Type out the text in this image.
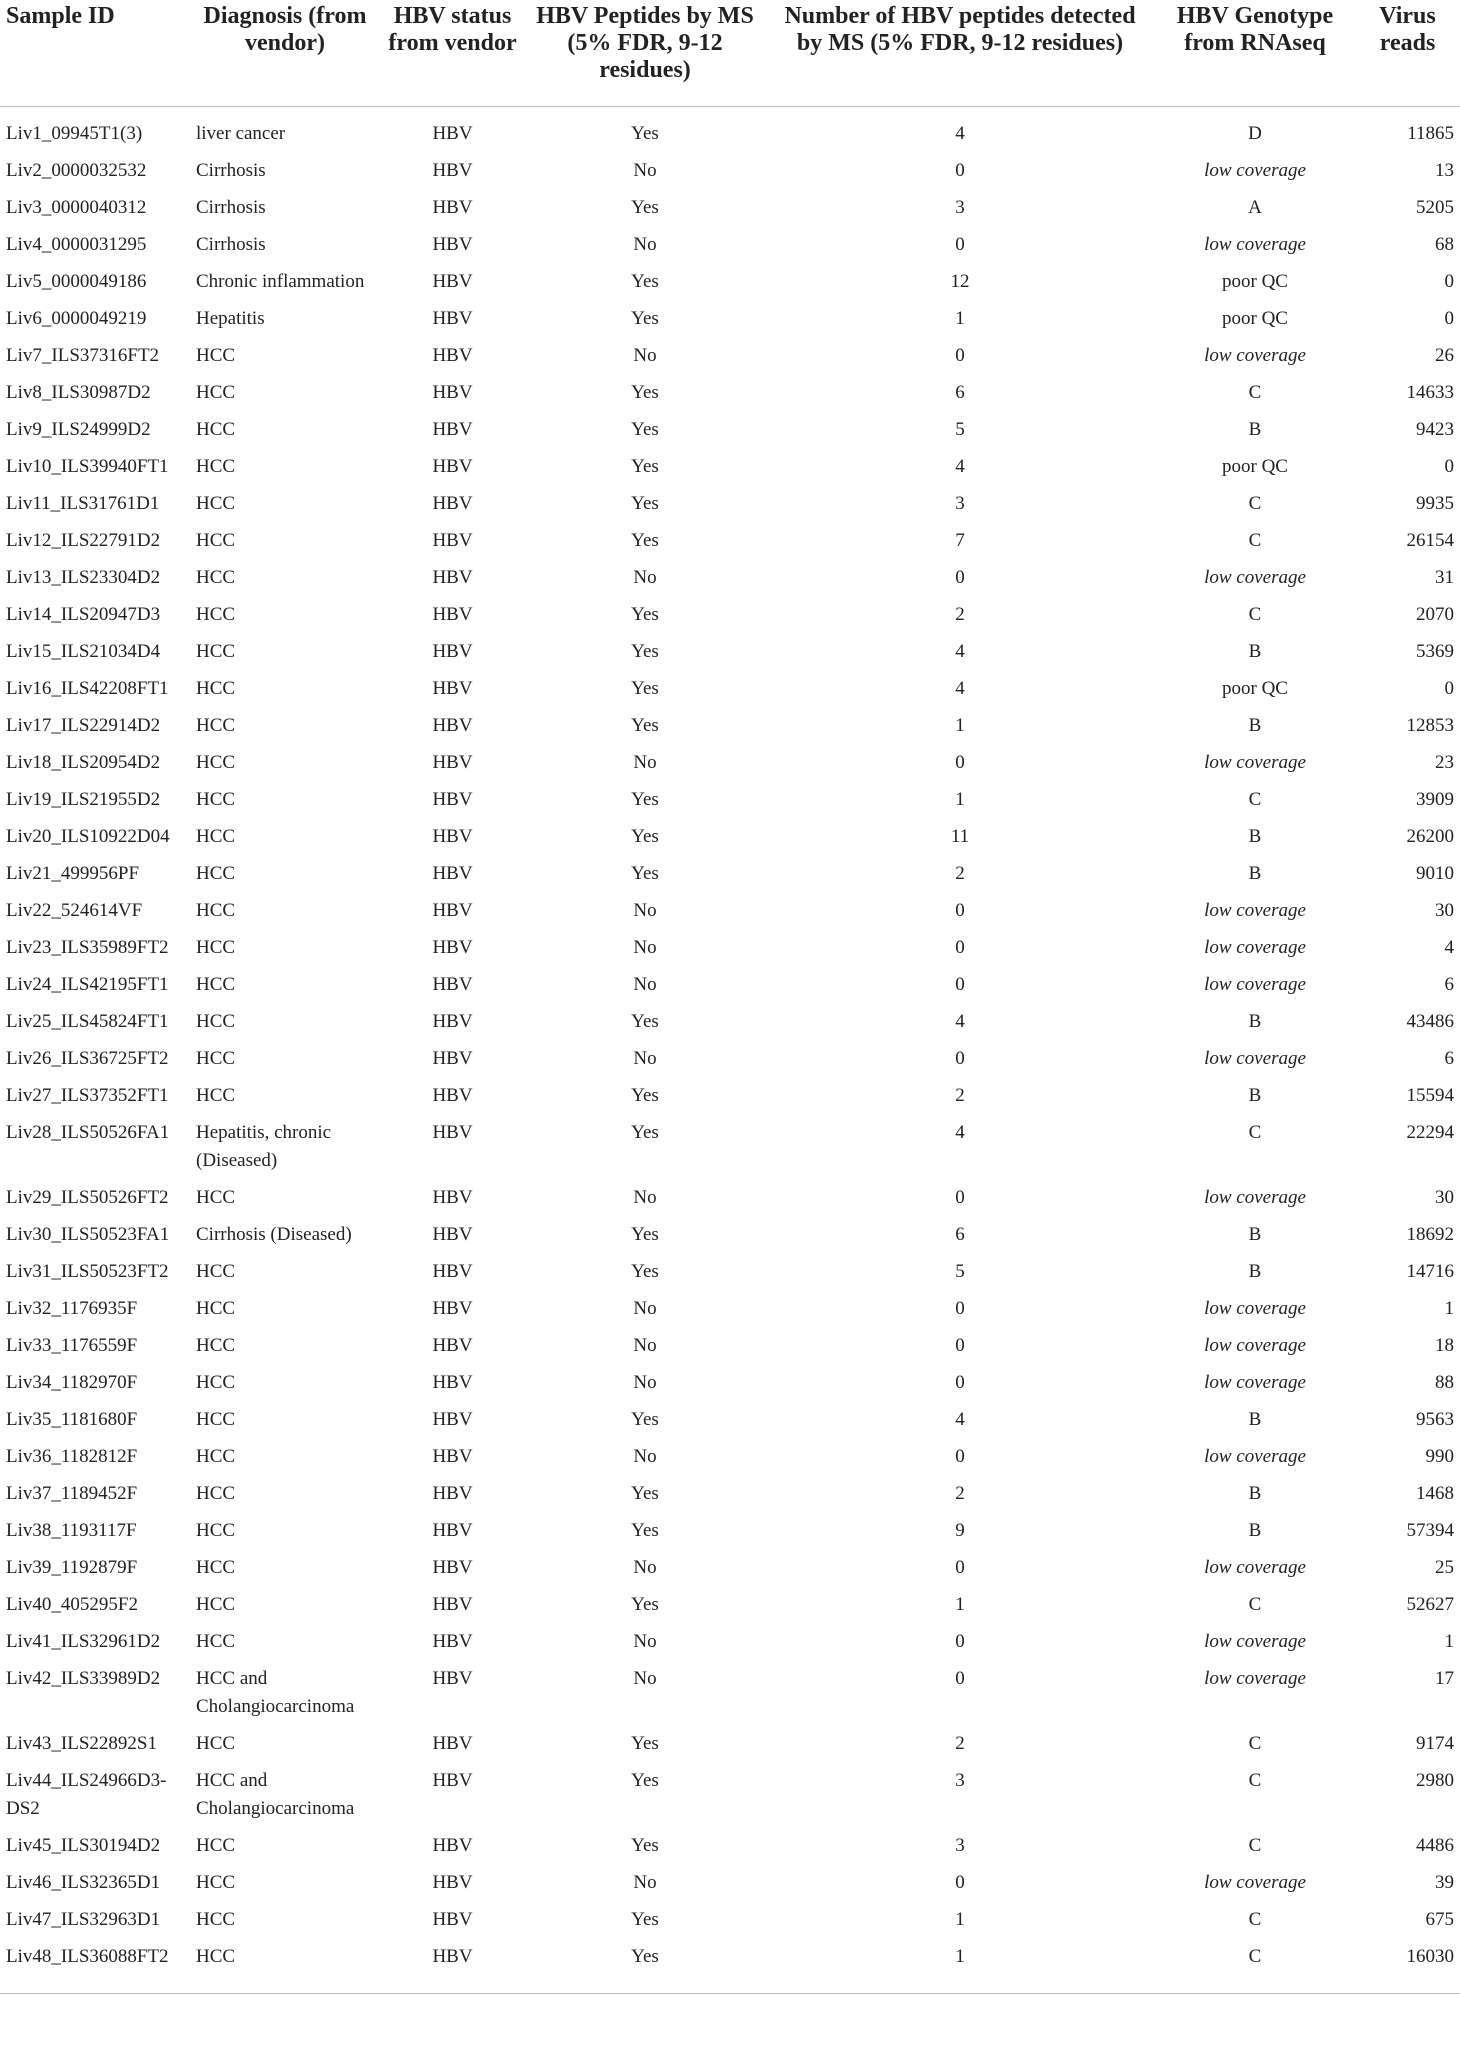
Sample ID	Diagnosis (from vendor)	HBV status from vendor	HBV Peptides by MS (5% FDR, 9-12 residues)	Number of HBV peptides detected by MS (5% FDR, 9-12 residues)	HBV Genotype from RNAseq	Virus reads
Liv1_09945T1(3)	liver cancer	HBV	Yes	4	D	11865
Liv2_0000032532	Cirrhosis	HBV	No	0	low coverage	13
Liv3_0000040312	Cirrhosis	HBV	Yes	3	A	5205
Liv4_0000031295	Cirrhosis	HBV	No	0	low coverage	68
Liv5_0000049186	Chronic inflammation	HBV	Yes	12	poor QC	0
Liv6_0000049219	Hepatitis	HBV	Yes	1	poor QC	0
Liv7_ILS37316FT2	HCC	HBV	No	0	low coverage	26
Liv8_ILS30987D2	HCC	HBV	Yes	6	C	14633
Liv9_ILS24999D2	HCC	HBV	Yes	5	B	9423
Liv10_ILS39940FT1	HCC	HBV	Yes	4	poor QC	0
Liv11_ILS31761D1	HCC	HBV	Yes	3	C	9935
Liv12_ILS22791D2	HCC	HBV	Yes	7	C	26154
Liv13_ILS23304D2	HCC	HBV	No	0	low coverage	31
Liv14_ILS20947D3	HCC	HBV	Yes	2	C	2070
Liv15_ILS21034D4	HCC	HBV	Yes	4	B	5369
Liv16_ILS42208FT1	HCC	HBV	Yes	4	poor QC	0
Liv17_ILS22914D2	HCC	HBV	Yes	1	B	12853
Liv18_ILS20954D2	HCC	HBV	No	0	low coverage	23
Liv19_ILS21955D2	HCC	HBV	Yes	1	C	3909
Liv20_ILS10922D04	HCC	HBV	Yes	11	B	26200
Liv21_499956PF	HCC	HBV	Yes	2	B	9010
Liv22_524614VF	HCC	HBV	No	0	low coverage	30
Liv23_ILS35989FT2	HCC	HBV	No	0	low coverage	4
Liv24_ILS42195FT1	HCC	HBV	No	0	low coverage	6
Liv25_ILS45824FT1	HCC	HBV	Yes	4	B	43486
Liv26_ILS36725FT2	HCC	HBV	No	0	low coverage	6
Liv27_ILS37352FT1	HCC	HBV	Yes	2	B	15594
Liv28_ILS50526FA1	Hepatitis, chronic (Diseased)	HBV	Yes	4	C	22294
Liv29_ILS50526FT2	HCC	HBV	No	0	low coverage	30
Liv30_ILS50523FA1	Cirrhosis (Diseased)	HBV	Yes	6	B	18692
Liv31_ILS50523FT2	HCC	HBV	Yes	5	B	14716
Liv32_1176935F	HCC	HBV	No	0	low coverage	1
Liv33_1176559F	HCC	HBV	No	0	low coverage	18
Liv34_1182970F	HCC	HBV	No	0	low coverage	88
Liv35_1181680F	HCC	HBV	Yes	4	B	9563
Liv36_1182812F	HCC	HBV	No	0	low coverage	990
Liv37_1189452F	HCC	HBV	Yes	2	B	1468
Liv38_1193117F	HCC	HBV	Yes	9	B	57394
Liv39_1192879F	HCC	HBV	No	0	low coverage	25
Liv40_405295F2	HCC	HBV	Yes	1	C	52627
Liv41_ILS32961D2	HCC	HBV	No	0	low coverage	1
Liv42_ILS33989D2	HCC and Cholangiocarcinoma	HBV	No	0	low coverage	17
Liv43_ILS22892S1	HCC	HBV	Yes	2	C	9174
Liv44_ILS24966D3-DS2	HCC and Cholangiocarcinoma	HBV	Yes	3	C	2980
Liv45_ILS30194D2	HCC	HBV	Yes	3	C	4486
Liv46_ILS32365D1	HCC	HBV	No	0	low coverage	39
Liv47_ILS32963D1	HCC	HBV	Yes	1	C	675
Liv48_ILS36088FT2	HCC	HBV	Yes	1	C	16030
